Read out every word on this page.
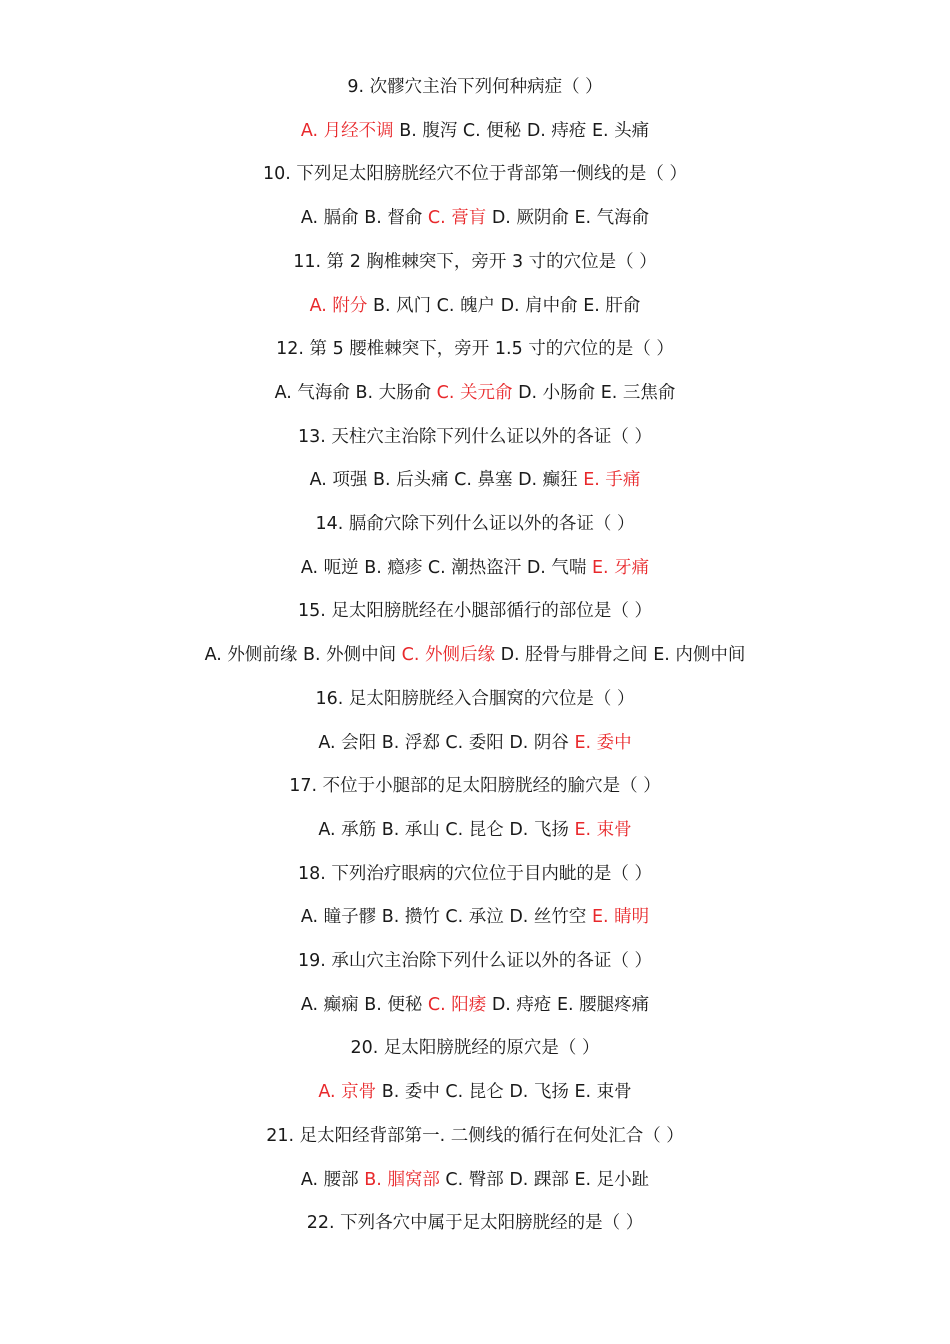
9. 次髎穴主治下列何种病症（ ）
A. 月经不调 B. 腹泻 C. 便秘 D. 痔疮 E. 头痛
10. 下列足太阳膀胱经穴不位于背部第一侧线的是（ ）
A. 膈俞 B. 督俞 C. 膏肓 D. 厥阴俞 E. 气海俞
11. 第 2 胸椎棘突下，旁开 3 寸的穴位是（ ）
A. 附分 B. 风门 C. 魄户 D. 肩中俞 E. 肝俞
12. 第 5 腰椎棘突下，旁开 1.5 寸的穴位的是（ ）
A. 气海俞 B. 大肠俞 C. 关元俞 D. 小肠俞 E. 三焦俞
13. 天柱穴主治除下列什么证以外的各证（ ）
A. 项强 B. 后头痛 C. 鼻塞 D. 癫狂 E. 手痛
14. 膈俞穴除下列什么证以外的各证（ ）
A. 呃逆 B. 瘾疹 C. 潮热盗汗 D. 气喘 E. 牙痛
15. 足太阳膀胱经在小腿部循行的部位是（ ）
A. 外侧前缘 B. 外侧中间 C. 外侧后缘 D. 胫骨与腓骨之间 E. 内侧中间
16. 足太阳膀胱经入合腘窝的穴位是（ ）
A. 会阳 B. 浮郄 C. 委阳 D. 阴谷 E. 委中
17. 不位于小腿部的足太阳膀胱经的腧穴是（ ）
A. 承筋 B. 承山 C. 昆仑 D. 飞扬 E. 束骨
18. 下列治疗眼病的穴位位于目内眦的是（ ）
A. 瞳子髎 B. 攒竹 C. 承泣 D. 丝竹空 E. 睛明
19. 承山穴主治除下列什么证以外的各证（ ）
A. 癫痫 B. 便秘 C. 阳痿 D. 痔疮 E. 腰腿疼痛
20. 足太阳膀胱经的原穴是（ ）
A. 京骨 B. 委中 C. 昆仑 D. 飞扬 E. 束骨
21. 足太阳经背部第一. 二侧线的循行在何处汇合（ ）
A. 腰部 B. 腘窝部 C. 臀部 D. 踝部 E. 足小趾
22. 下列各穴中属于足太阳膀胱经的是（ ）
